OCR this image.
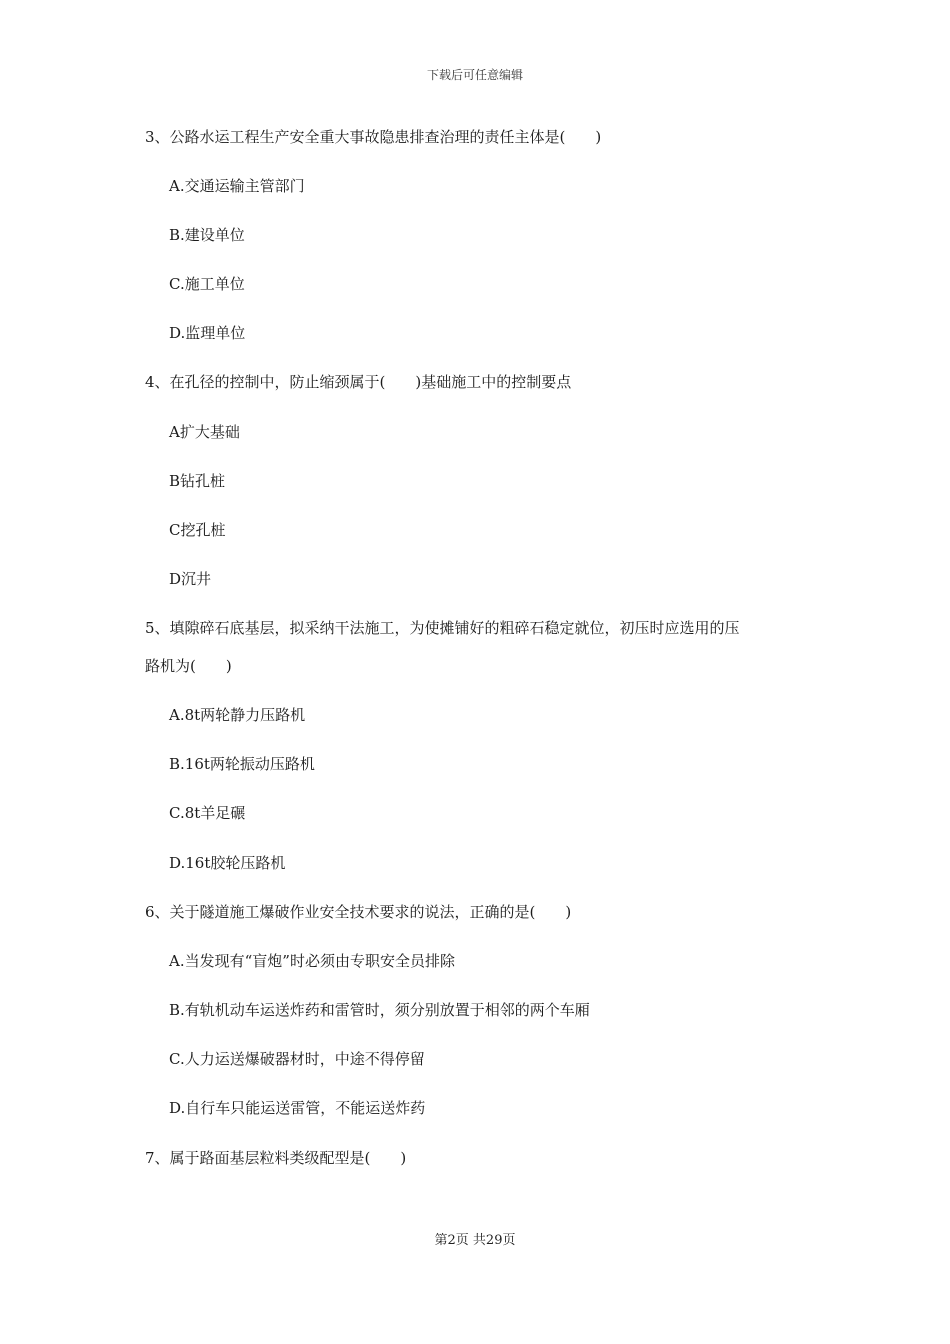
下载后可任意编辑
3、公路水运工程生产安全重大事故隐患排查治理的责任主体是(　　)
A.交通运输主管部门
B.建设单位
C.施工单位
D.监理单位
4、在孔径的控制中，防止缩颈属于(　　)基础施工中的控制要点
A扩大基础
B钻孔桩
C挖孔桩
D沉井
5、填隙碎石底基层，拟采纳干法施工，为使摊铺好的粗碎石稳定就位，初压时应选用的压
路机为(　　)
A.8t两轮静力压路机
B.16t两轮振动压路机
C.8t羊足碾
D.16t胶轮压路机
6、关于隧道施工爆破作业安全技术要求的说法，正确的是(　　)
A.当发现有“盲炮”时必须由专职安全员排除
B.有轨机动车运送炸药和雷管时，须分别放置于相邻的两个车厢
C.人力运送爆破器材时，中途不得停留
D.自行车只能运送雷管，不能运送炸药
7、属于路面基层粒料类级配型是(　　)
第2页 共29页
